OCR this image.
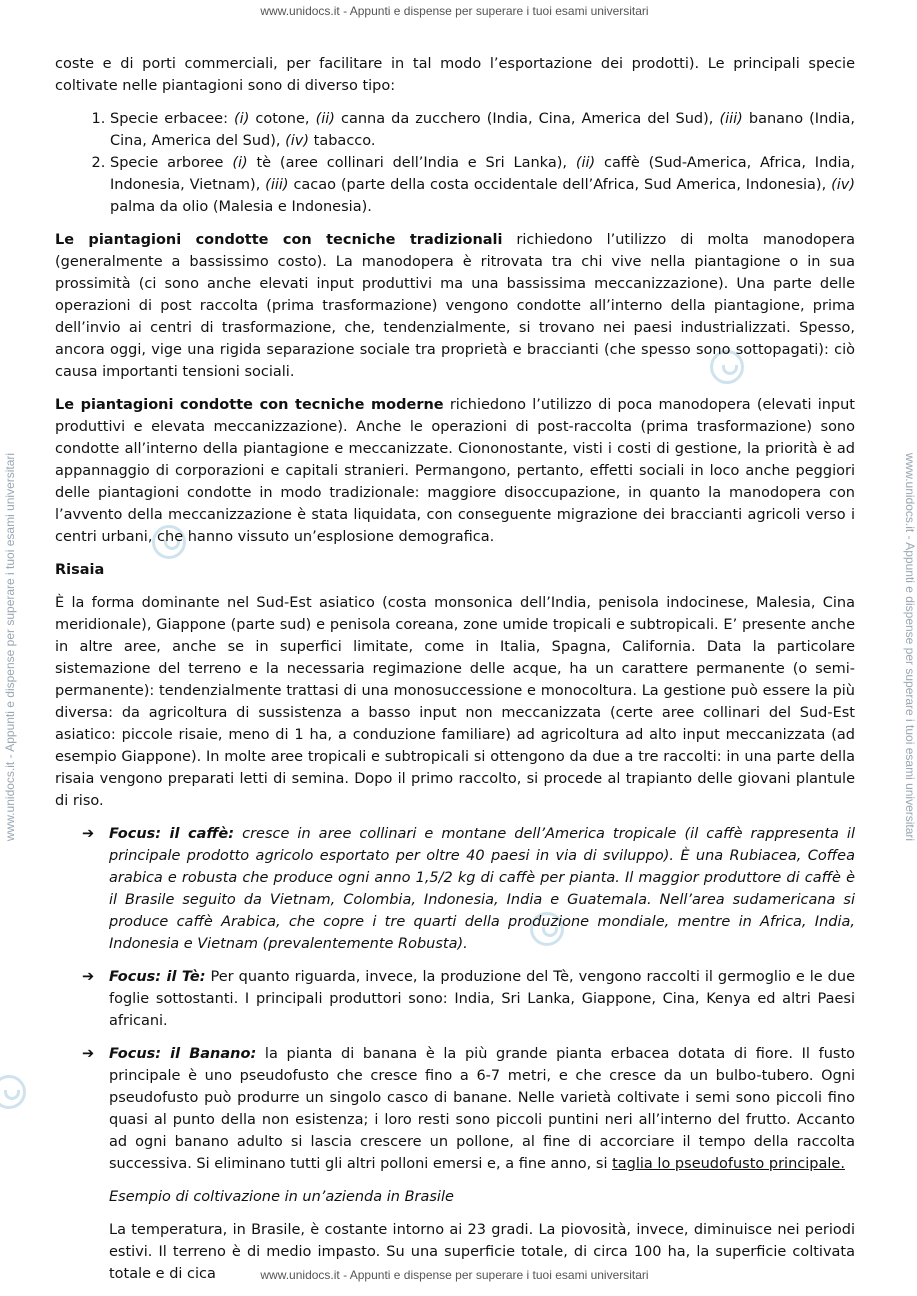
www.unidocs.it - Appunti e dispense per superare i tuoi esami universitari
www.unidocs.it - Appunti e dispense per superare i tuoi esami universitari	www.unidocs.it - Appunti e dispense per superare i tuoi esami universitari

coste e di porti commerciali, per facilitare in tal modo l’esportazione dei prodotti). Le principali specie coltivate nelle piantagioni sono di diverso tipo:

1. Specie erbacee: (i) cotone, (ii) canna da zucchero (India, Cina, America del Sud), (iii) banano (India, Cina, America del Sud), (iv) tabacco.
2. Specie arboree (i) tè (aree collinari dell’India e Sri Lanka), (ii) caffè (Sud-America, Africa, India, Indonesia, Vietnam), (iii) cacao (parte della costa occidentale dell’Africa, Sud America, Indonesia), (iv) palma da olio (Malesia e Indonesia).

Le piantagioni condotte con tecniche tradizionali richiedono l’utilizzo di molta manodopera (generalmente a bassissimo costo). La manodopera è ritrovata tra chi vive nella piantagione o in sua prossimità (ci sono anche elevati input produttivi ma una bassissima meccanizzazione). Una parte delle operazioni di post raccolta (prima trasformazione) vengono condotte all’interno della piantagione, prima dell’invio ai centri di trasformazione, che, tendenzialmente, si trovano nei paesi industrializzati. Spesso, ancora oggi, vige una rigida separazione sociale tra proprietà e braccianti (che spesso sono sottopagati): ciò causa importanti tensioni sociali.

Le piantagioni condotte con tecniche moderne richiedono l’utilizzo di poca manodopera (elevati input produttivi e elevata meccanizzazione). Anche le operazioni di post-raccolta (prima trasformazione) sono condotte all’interno della piantagione e meccanizzate. Ciononostante, visti i costi di gestione, la priorità è ad appannaggio di corporazioni e capitali stranieri. Permangono, pertanto, effetti sociali in loco anche peggiori delle piantagioni condotte in modo tradizionale: maggiore disoccupazione, in quanto la manodopera con l’avvento della meccanizzazione è stata liquidata, con conseguente migrazione dei braccianti agricoli verso i centri urbani, che hanno vissuto un’esplosione demografica.

Risaia

È la forma dominante nel Sud-Est asiatico (costa monsonica dell’India, penisola indocinese, Malesia, Cina meridionale), Giappone (parte sud) e penisola coreana, zone umide tropicali e subtropicali. E’ presente anche in altre aree, anche se in superfici limitate, come in Italia, Spagna, California. Data la particolare sistemazione del terreno e la necessaria regimazione delle acque, ha un carattere permanente (o semi-permanente): tendenzialmente trattasi di una monosuccessione e monocoltura. La gestione può essere la più diversa: da agricoltura di sussistenza a basso input non meccanizzata (certe aree collinari del Sud-Est asiatico: piccole risaie, meno di 1 ha, a conduzione familiare) ad agricoltura ad alto input meccanizzata (ad esempio Giappone). In molte aree tropicali e subtropicali si ottengono da due a tre raccolti: in una parte della risaia vengono preparati letti di semina. Dopo il primo raccolto, si procede al trapianto delle giovani plantule di riso.

➔	Focus: il caffè: cresce in aree collinari e montane dell’America tropicale (il caffè rappresenta il principale prodotto agricolo esportato per oltre 40 paesi in via di sviluppo). È una Rubiacea, Coffea arabica e robusta che produce ogni anno 1,5/2 kg di caffè per pianta. Il maggior produttore di caffè è il Brasile seguito da Vietnam, Colombia, Indonesia, India e Guatemala. Nell’area sudamericana si produce caffè Arabica, che copre i tre quarti della produzione mondiale, mentre in Africa, India, Indonesia e Vietnam (prevalentemente Robusta).
➔	Focus: il Tè: Per quanto riguarda, invece, la produzione del Tè, vengono raccolti il germoglio e le due foglie sottostanti. I principali produttori sono: India, Sri Lanka, Giappone, Cina, Kenya ed altri Paesi africani.
➔	Focus: il Banano: la pianta di banana è la più grande pianta erbacea dotata di fiore. Il fusto principale è uno pseudofusto che cresce fino a 6-7 metri, e che cresce da un bulbo-tubero. Ogni pseudofusto può produrre un singolo casco di banane. Nelle varietà coltivate i semi sono piccoli fino quasi al punto della non esistenza; i loro resti sono piccoli puntini neri all’interno del frutto. Accanto ad ogni banano adulto si lascia crescere un pollone, al fine di accorciare il tempo della raccolta successiva. Si eliminano tutti gli altri polloni emersi e, a fine anno, si taglia lo pseudofusto principale.

Esempio di coltivazione in un’azienda in Brasile

La temperatura, in Brasile, è costante intorno ai 23 gradi. La piovosità, invece, diminuisce nei periodi estivi. Il terreno è di medio impasto. Su una superficie totale, di circa 100 ha, la superficie coltivata totale e di cica	www.unidocs.it - Appunti e dispense per superare i tuoi esami universitari
